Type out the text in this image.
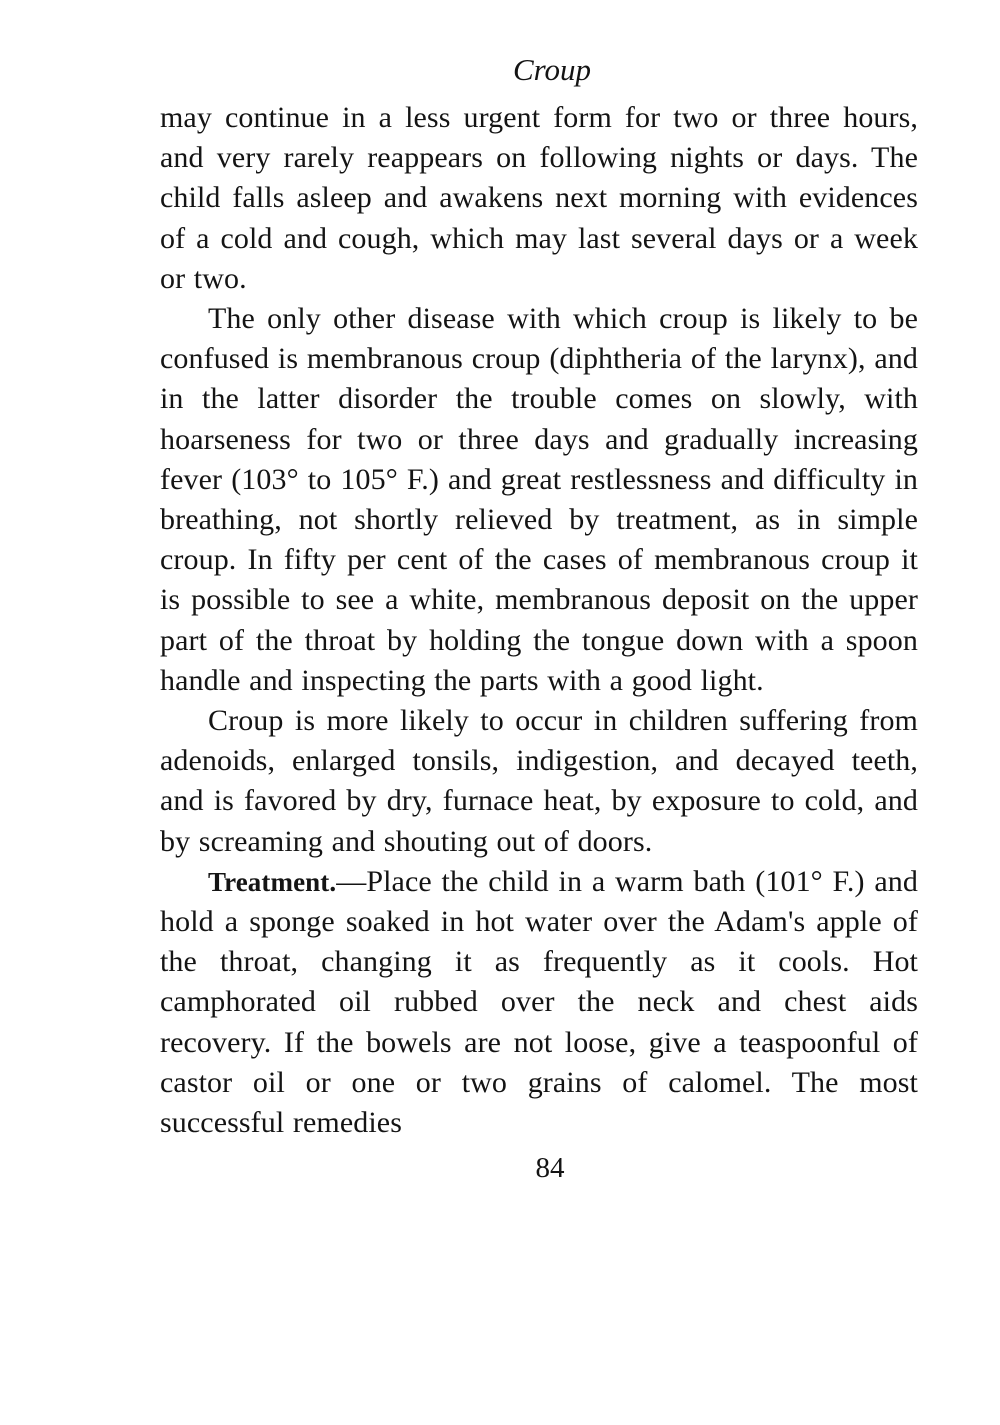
Croup

may continue in a less urgent form for two or three hours, and very rarely reappears on following nights or days. The child falls asleep and awakens next morning with evidences of a cold and cough, which may last several days or a week or two.

The only other disease with which croup is likely to be confused is membranous croup (diphtheria of the larynx), and in the latter disorder the trouble comes on slowly, with hoarseness for two or three days and gradually increasing fever (103° to 105° F.) and great restlessness and difficulty in breathing, not shortly relieved by treatment, as in simple croup. In fifty per cent of the cases of membranous croup it is possible to see a white, membranous deposit on the upper part of the throat by holding the tongue down with a spoon handle and inspecting the parts with a good light.

Croup is more likely to occur in children suffering from adenoids, enlarged tonsils, indigestion, and decayed teeth, and is favored by dry, furnace heat, by exposure to cold, and by screaming and shouting out of doors.

Treatment.—Place the child in a warm bath (101° F.) and hold a sponge soaked in hot water over the Adam's apple of the throat, changing it as frequently as it cools. Hot camphorated oil rubbed over the neck and chest aids recovery. If the bowels are not loose, give a teaspoonful of castor oil or one or two grains of calomel. The most successful remedies

84
